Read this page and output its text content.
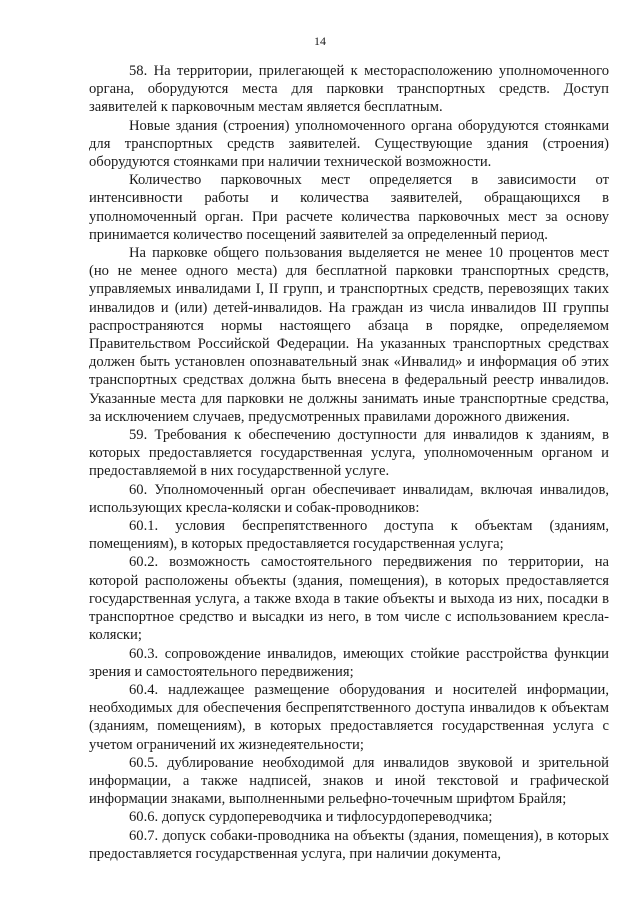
14

58. На территории, прилегающей к месторасположению уполномоченного органа, оборудуются места для парковки транспортных средств. Доступ заявителей к парковочным местам является бесплатным.

Новые здания (строения) уполномоченного органа оборудуются стоянками для транспортных средств заявителей. Существующие здания (строения) оборудуются стоянками при наличии технической возможности.

Количество парковочных мест определяется в зависимости от интенсивности работы и количества заявителей, обращающихся в уполномоченный орган. При расчете количества парковочных мест за основу принимается количество посещений заявителей за определенный период.

На парковке общего пользования выделяется не менее 10 процентов мест (но не менее одного места) для бесплатной парковки транспортных средств, управляемых инвалидами I, II групп, и транспортных средств, перевозящих таких инвалидов и (или) детей-инвалидов. На граждан из числа инвалидов III группы распространяются нормы настоящего абзаца в порядке, определяемом Правительством Российской Федерации. На указанных транспортных средствах должен быть установлен опознавательный знак «Инвалид» и информация об этих транспортных средствах должна быть внесена в федеральный реестр инвалидов. Указанные места для парковки не должны занимать иные транспортные средства, за исключением случаев, предусмотренных правилами дорожного движения.

59. Требования к обеспечению доступности для инвалидов к зданиям, в которых предоставляется государственная услуга, уполномоченным органом и предоставляемой в них государственной услуге.

60. Уполномоченный орган обеспечивает инвалидам, включая инвалидов, использующих кресла-коляски и собак-проводников:

60.1. условия беспрепятственного доступа к объектам (зданиям, помещениям), в которых предоставляется государственная услуга;

60.2. возможность самостоятельного передвижения по территории, на которой расположены объекты (здания, помещения), в которых предоставляется государственная услуга, а также входа в такие объекты и выхода из них, посадки в транспортное средство и высадки из него, в том числе с использованием кресла-коляски;

60.3. сопровождение инвалидов, имеющих стойкие расстройства функции зрения и самостоятельного передвижения;

60.4. надлежащее размещение оборудования и носителей информации, необходимых для обеспечения беспрепятственного доступа инвалидов к объектам (зданиям, помещениям), в которых предоставляется государственная услуга с учетом ограничений их жизнедеятельности;

60.5. дублирование необходимой для инвалидов звуковой и зрительной информации, а также надписей, знаков и иной текстовой и графической информации знаками, выполненными рельефно-точечным шрифтом Брайля;

60.6. допуск сурдопереводчика и тифлосурдопереводчика;

60.7. допуск собаки-проводника на объекты (здания, помещения), в которых предоставляется государственная услуга, при наличии документа,
